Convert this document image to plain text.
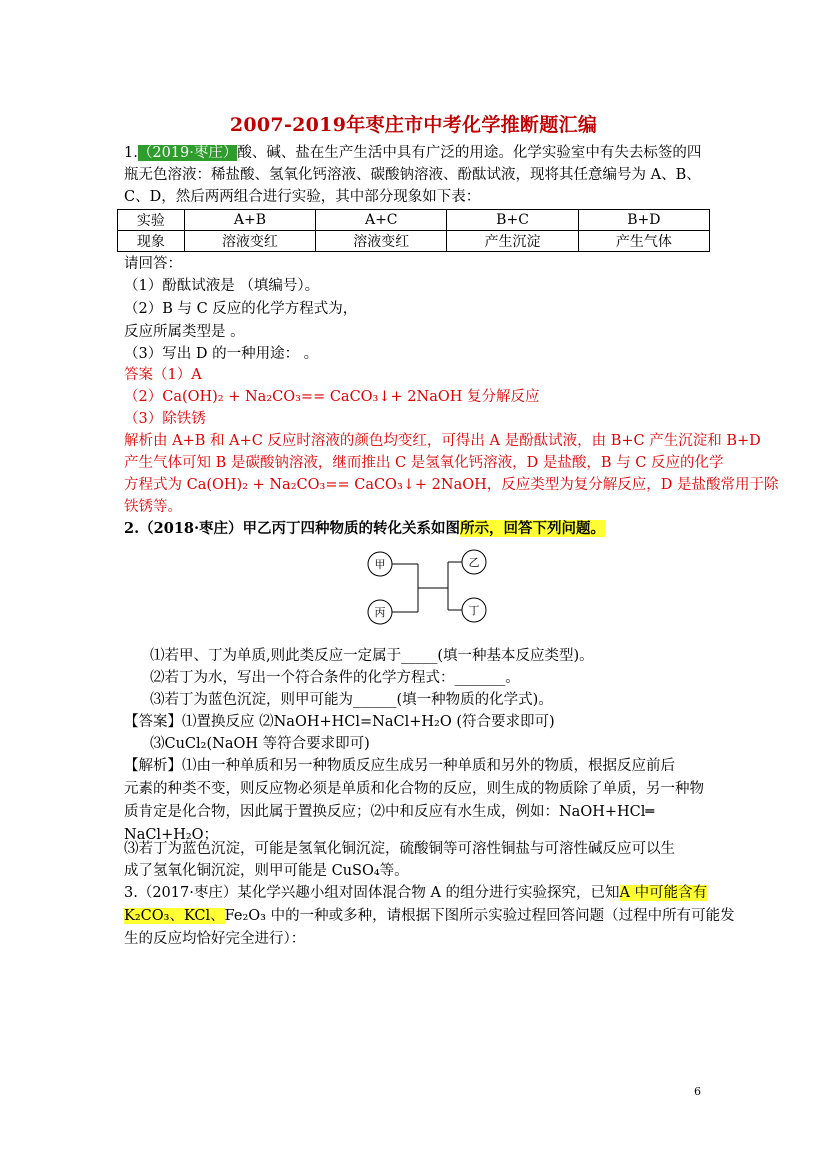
2007-2019年枣庄市中考化学推断题汇编
1.（2019·枣庄）酸、碱、盐在生产生活中具有广泛的用途。化学实验室中有失去标签的四
瓶无色溶液：稀盐酸、氢氧化钙溶液、碳酸钠溶液、酚酞试液，现将其任意编号为 A、B、
C、D，然后两两组合进行实验，其中部分现象如下表：
实验	A+B	A+C	B+C	B+D
现象	溶液变红	溶液变红	产生沉淀	产生气体
请回答：
（1）酚酞试液是 （填编号）。
（2）B 与 C 反应的化学方程式为，
反应所属类型是 。
（3）写出 D 的一种用途： 。
答案（1）A
（2）Ca(OH)₂ + Na₂CO₃== CaCO₃↓+ 2NaOH 复分解反应
（3）除铁锈
解析由 A+B 和 A+C 反应时溶液的颜色均变红，可得出 A 是酚酞试液，由 B+C 产生沉淀和 B+D
产生气体可知 B 是碳酸钠溶液，继而推出 C 是氢氧化钙溶液，D 是盐酸，B 与 C 反应的化学
方程式为 Ca(OH)₂ + Na₂CO₃== CaCO₃↓+ 2NaOH，反应类型为复分解反应，D 是盐酸常用于除
铁锈等。
2.（2018·枣庄）甲乙丙丁四种物质的转化关系如图所示，回答下列问题。
甲
丙
乙
丁
⑴若甲、丁为单质,则此类反应一定属于_____(填一种基本反应类型)。
⑵若丁为水，写出一个符合条件的化学方程式：_______。
⑶若丁为蓝色沉淀，则甲可能为______(填一种物质的化学式)。
【答案】⑴置换反应 ⑵NaOH+HCl=NaCl+H₂O (符合要求即可)
⑶CuCl₂(NaOH 等符合要求即可)
【解析】⑴由一种单质和另一种物质反应生成另一种单质和另外的物质，根据反应前后
元素的种类不变，则反应物必须是单质和化合物的反应，则生成的物质除了单质，另一种物
质肯定是化合物，因此属于置换反应；⑵中和反应有水生成，例如：NaOH+HCl═
NaCl+H₂O；
⑶若丁为蓝色沉淀，可能是氢氧化铜沉淀，硫酸铜等可溶性铜盐与可溶性碱反应可以生
成了氢氧化铜沉淀，则甲可能是 CuSO₄等。
3.（2017·枣庄）某化学兴趣小组对固体混合物 A 的组分进行实验探究，已知A 中可能含有
K₂CO₃、KCl、Fe₂O₃ 中的一种或多种，请根据下图所示实验过程回答问题（过程中所有可能发
生的反应均恰好完全进行）：
6
